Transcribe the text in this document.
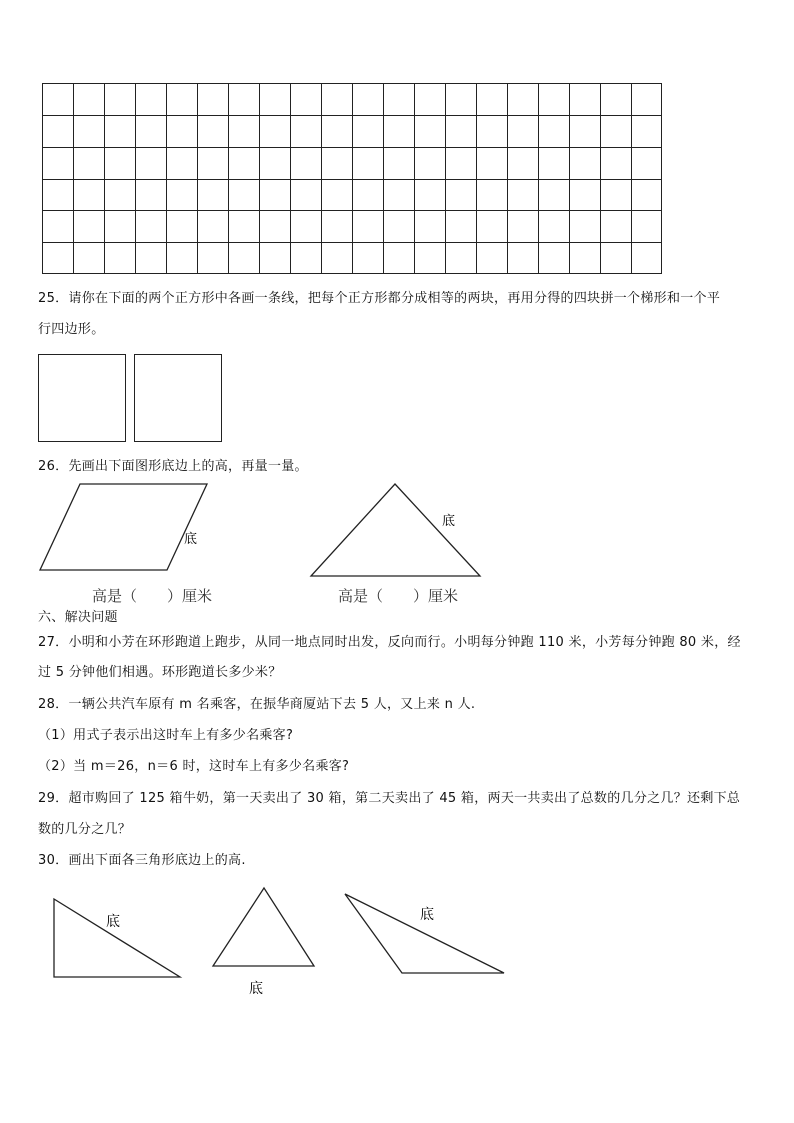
25．请你在下面的两个正方形中各画一条线，把每个正方形都分成相等的两块，再用分得的四块拼一个梯形和一个平
行四边形。
26．先画出下面图形底边上的高，再量一量。
底
高是（　　）厘米
底
高是（　　）厘米
六、解决问题
27．小明和小芳在环形跑道上跑步，从同一地点同时出发，反向而行。小明每分钟跑 110 米，小芳每分钟跑 80 米，经
过 5 分钟他们相遇。环形跑道长多少米？
28．一辆公共汽车原有 m 名乘客，在振华商厦站下去 5 人，又上来 n 人.
（1）用式子表示出这时车上有多少名乘客?
（2）当 m＝26，n＝6 时，这时车上有多少名乘客?
29．超市购回了 125 箱牛奶，第一天卖出了 30 箱，第二天卖出了 45 箱，两天一共卖出了总数的几分之几？还剩下总
数的几分之几？
30．画出下面各三角形底边上的高.
底
底
底
